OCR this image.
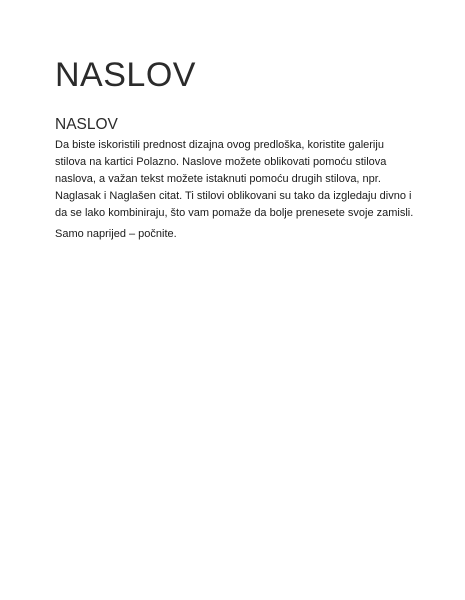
NASLOV
NASLOV

Da biste iskoristili prednost dizajna ovog predloška, koristite galeriju stilova na kartici Polazno. Naslove možete oblikovati pomoću stilova naslova, a važan tekst možete istaknuti pomoću drugih stilova, npr. Naglasak i Naglašen citat. Ti stilovi oblikovani su tako da izgledaju divno i da se lako kombiniraju, što vam pomaže da bolje prenesete svoje zamisli.

Samo naprijed – počnite.
